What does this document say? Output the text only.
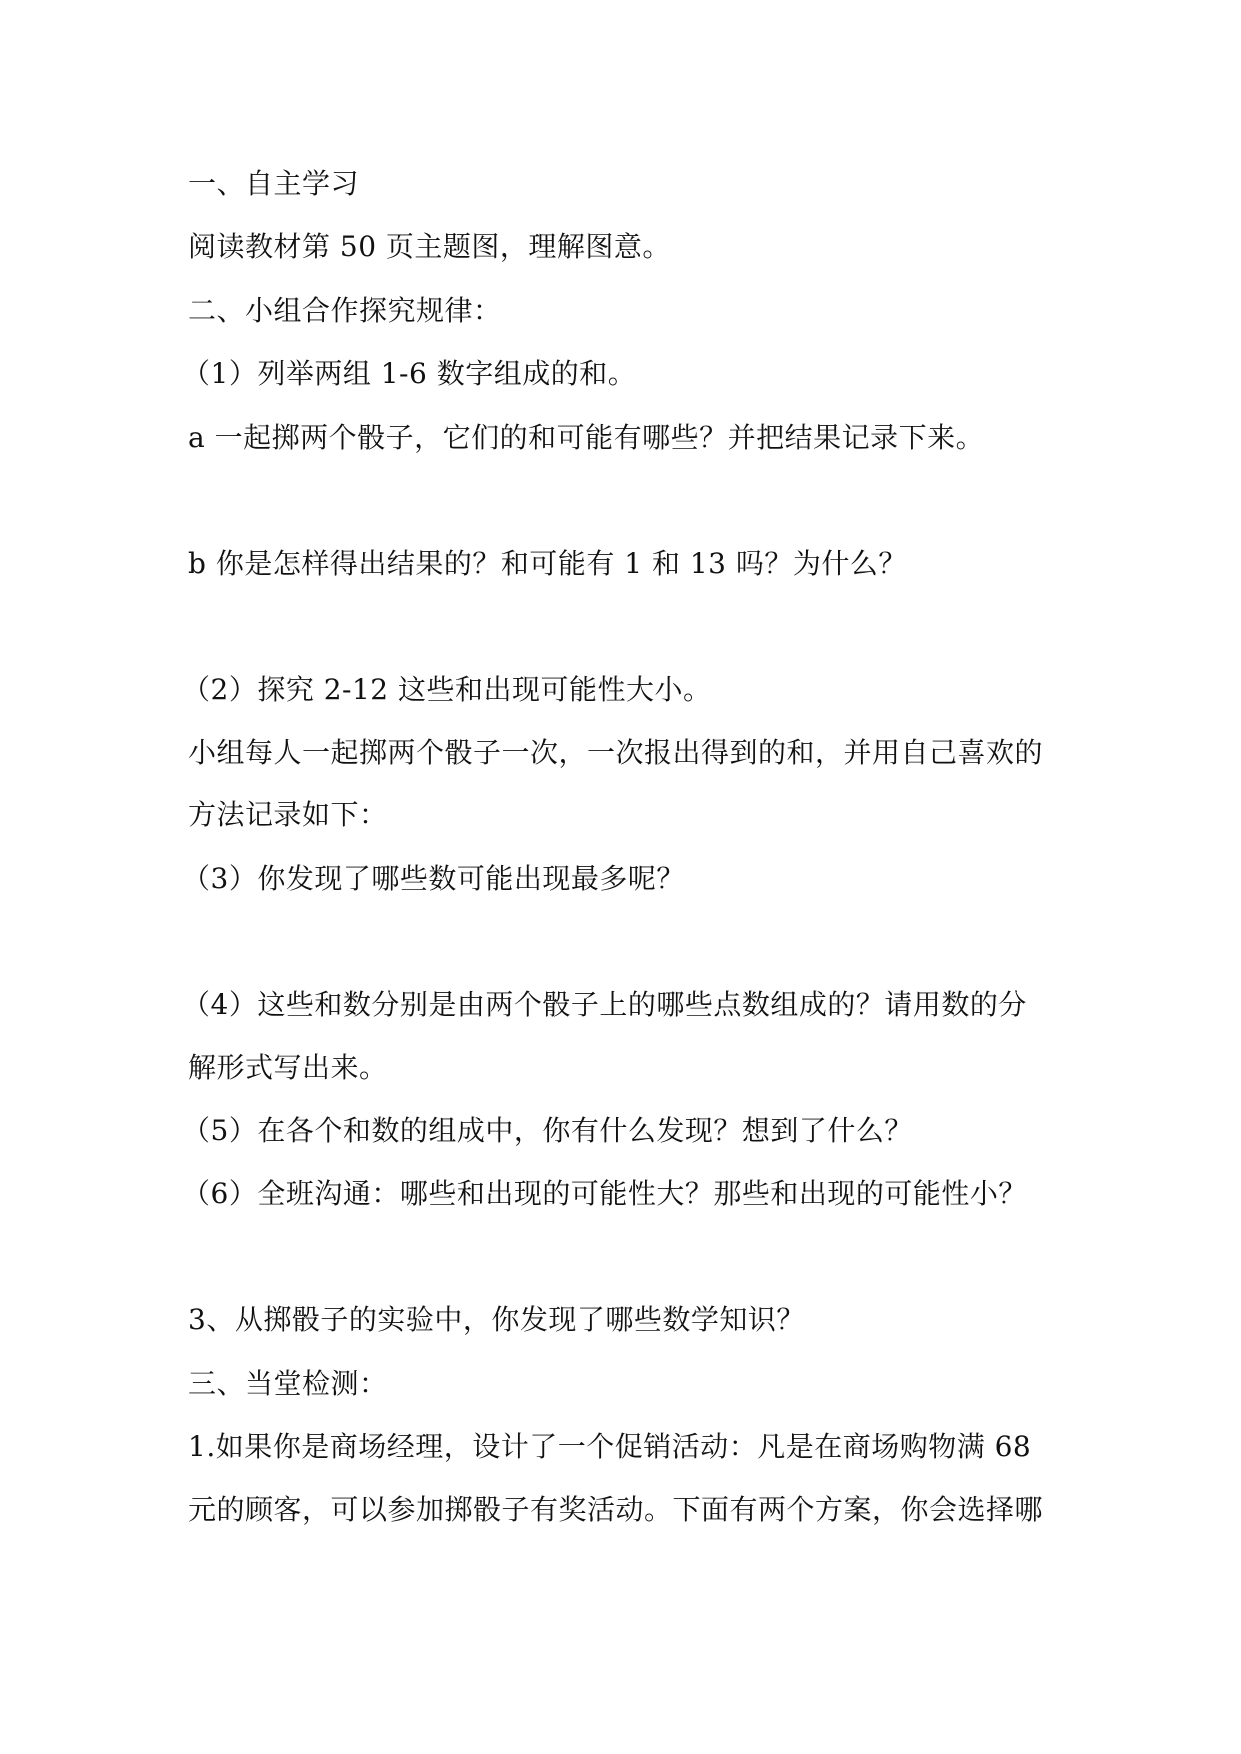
一、自主学习
阅读教材第 50 页主题图，理解图意。
二、小组合作探究规律：
（1）列举两组 1-6 数字组成的和。
a 一起掷两个骰子，它们的和可能有哪些？并把结果记录下来。
b 你是怎样得出结果的？和可能有 1 和 13 吗？为什么？
（2）探究 2-12 这些和出现可能性大小。
小组每人一起掷两个骰子一次，一次报出得到的和，并用自己喜欢的
方法记录如下：
（3）你发现了哪些数可能出现最多呢？
（4）这些和数分别是由两个骰子上的哪些点数组成的？请用数的分
解形式写出来。
（5）在各个和数的组成中，你有什么发现？想到了什么？
（6）全班沟通：哪些和出现的可能性大？那些和出现的可能性小？
3、从掷骰子的实验中，你发现了哪些数学知识？
三、当堂检测：
1.如果你是商场经理，设计了一个促销活动：凡是在商场购物满 68
元的顾客，可以参加掷骰子有奖活动。下面有两个方案，你会选择哪
